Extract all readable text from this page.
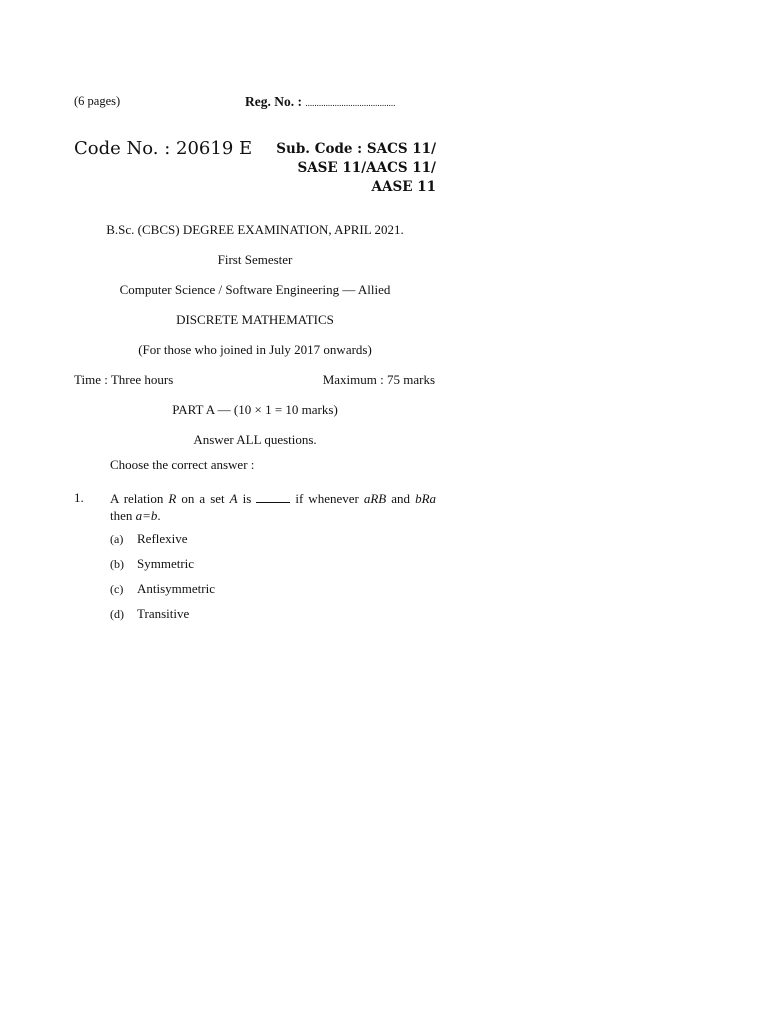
(6 pages)	Reg. No. : ........................................
Code No. : 20619 E	Sub. Code : SACS 11/
SASE 11/AACS 11/
AASE 11
B.Sc. (CBCS) DEGREE EXAMINATION, APRIL 2021.
First Semester
Computer Science / Software Engineering — Allied
DISCRETE MATHEMATICS
(For those who joined in July 2017 onwards)
Time : Three hours	Maximum : 75 marks
PART A — (10 × 1 = 10 marks)
Answer ALL questions.
Choose the correct answer :
1. A relation R on a set A is	if whenever aRB and bRa then a=b.
(a) Reflexive
(b) Symmetric
(c) Antisymmetric
(d) Transitive
